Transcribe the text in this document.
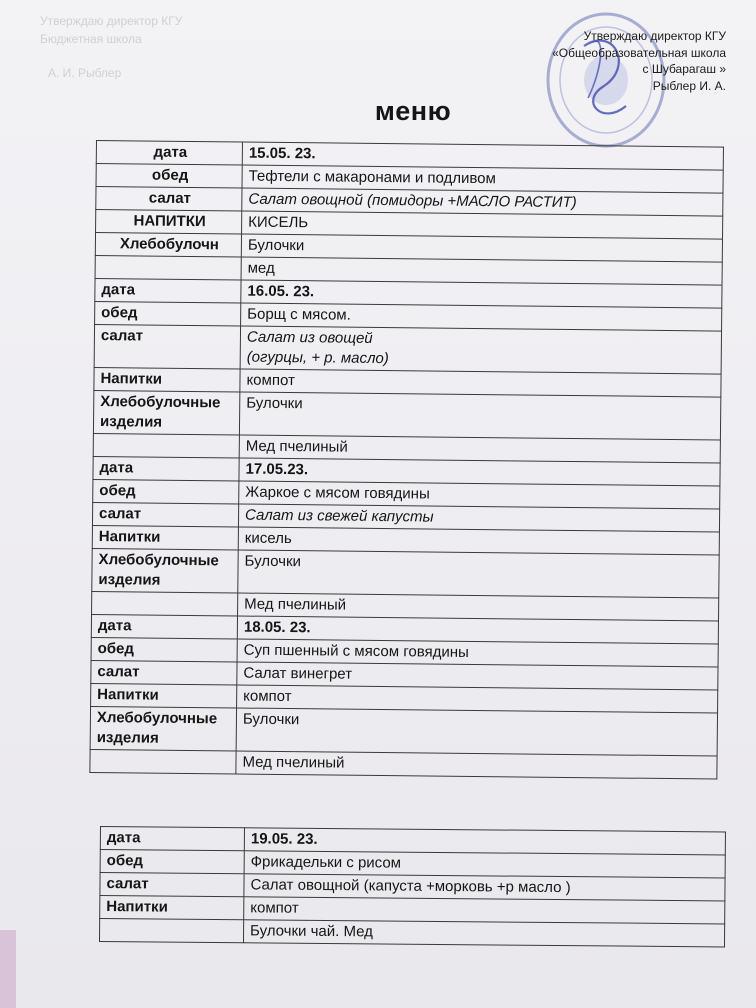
Утверждаю директор КГУ
Бюджетная школа
А. И. Рыблер
Утверждаю директор КГУ
«Общеобразовательная школа
с Шубарагаш »
Рыблер И. А.
меню
дата	15.05. 23.
обед	Тефтели с макаронами и подливом
салат	Салат овощной (помидоры +МАСЛО РАСТИТ)
НАПИТКИ	КИСЕЛЬ
Хлебобулочн	Булочки
	мед
дата	16.05. 23.
обед	Борщ с мясом.
салат	Салат из овощей
(огурцы, + р. масло)

Напитки	компот

Хлебобулочные
изделия	Булочки
	Мед пчелиный
дата	17.05.23.
обед	Жаркое с мясом говядины
салат	Салат из свежей капусты
Напитки	кисель

Хлебобулочные
изделия	Булочки
	Мед пчелиный
дата	18.05. 23.
обед	Суп пшенный с мясом говядины
салат	Салат винегрет
Напитки	компот

Хлебобулочные
изделия	Булочки
	Мед пчелиный
дата	19.05. 23.
обед	Фрикадельки с рисом
салат	Салат овощной (капуста +морковь +р масло )
Напитки	компот
	Булочки чай. Мед
